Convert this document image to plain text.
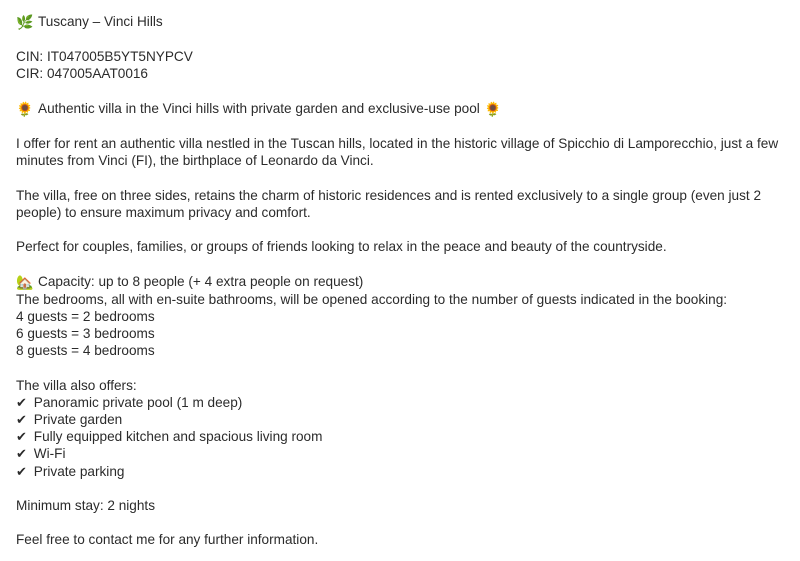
🌿 Tuscany – Vinci Hills
CIN: IT047005B5YT5NYPCV
CIR: 047005AAT0016
🌻 Authentic villa in the Vinci hills with private garden and exclusive-use pool 🌻
I offer for rent an authentic villa nestled in the Tuscan hills, located in the historic village of Spicchio di Lamporecchio, just a few minutes from Vinci (FI), the birthplace of Leonardo da Vinci.
The villa, free on three sides, retains the charm of historic residences and is rented exclusively to a single group (even just 2 people) to ensure maximum privacy and comfort.
Perfect for couples, families, or groups of friends looking to relax in the peace and beauty of the countryside.
🏡 Capacity: up to 8 people (+ 4 extra people on request)
The bedrooms, all with en-suite bathrooms, will be opened according to the number of guests indicated in the booking:
4 guests = 2 bedrooms
6 guests = 3 bedrooms
8 guests = 4 bedrooms
The villa also offers:
✔ Panoramic private pool (1 m deep)
✔ Private garden
✔ Fully equipped kitchen and spacious living room
✔ Wi-Fi
✔ Private parking
Minimum stay: 2 nights
Feel free to contact me for any further information.
